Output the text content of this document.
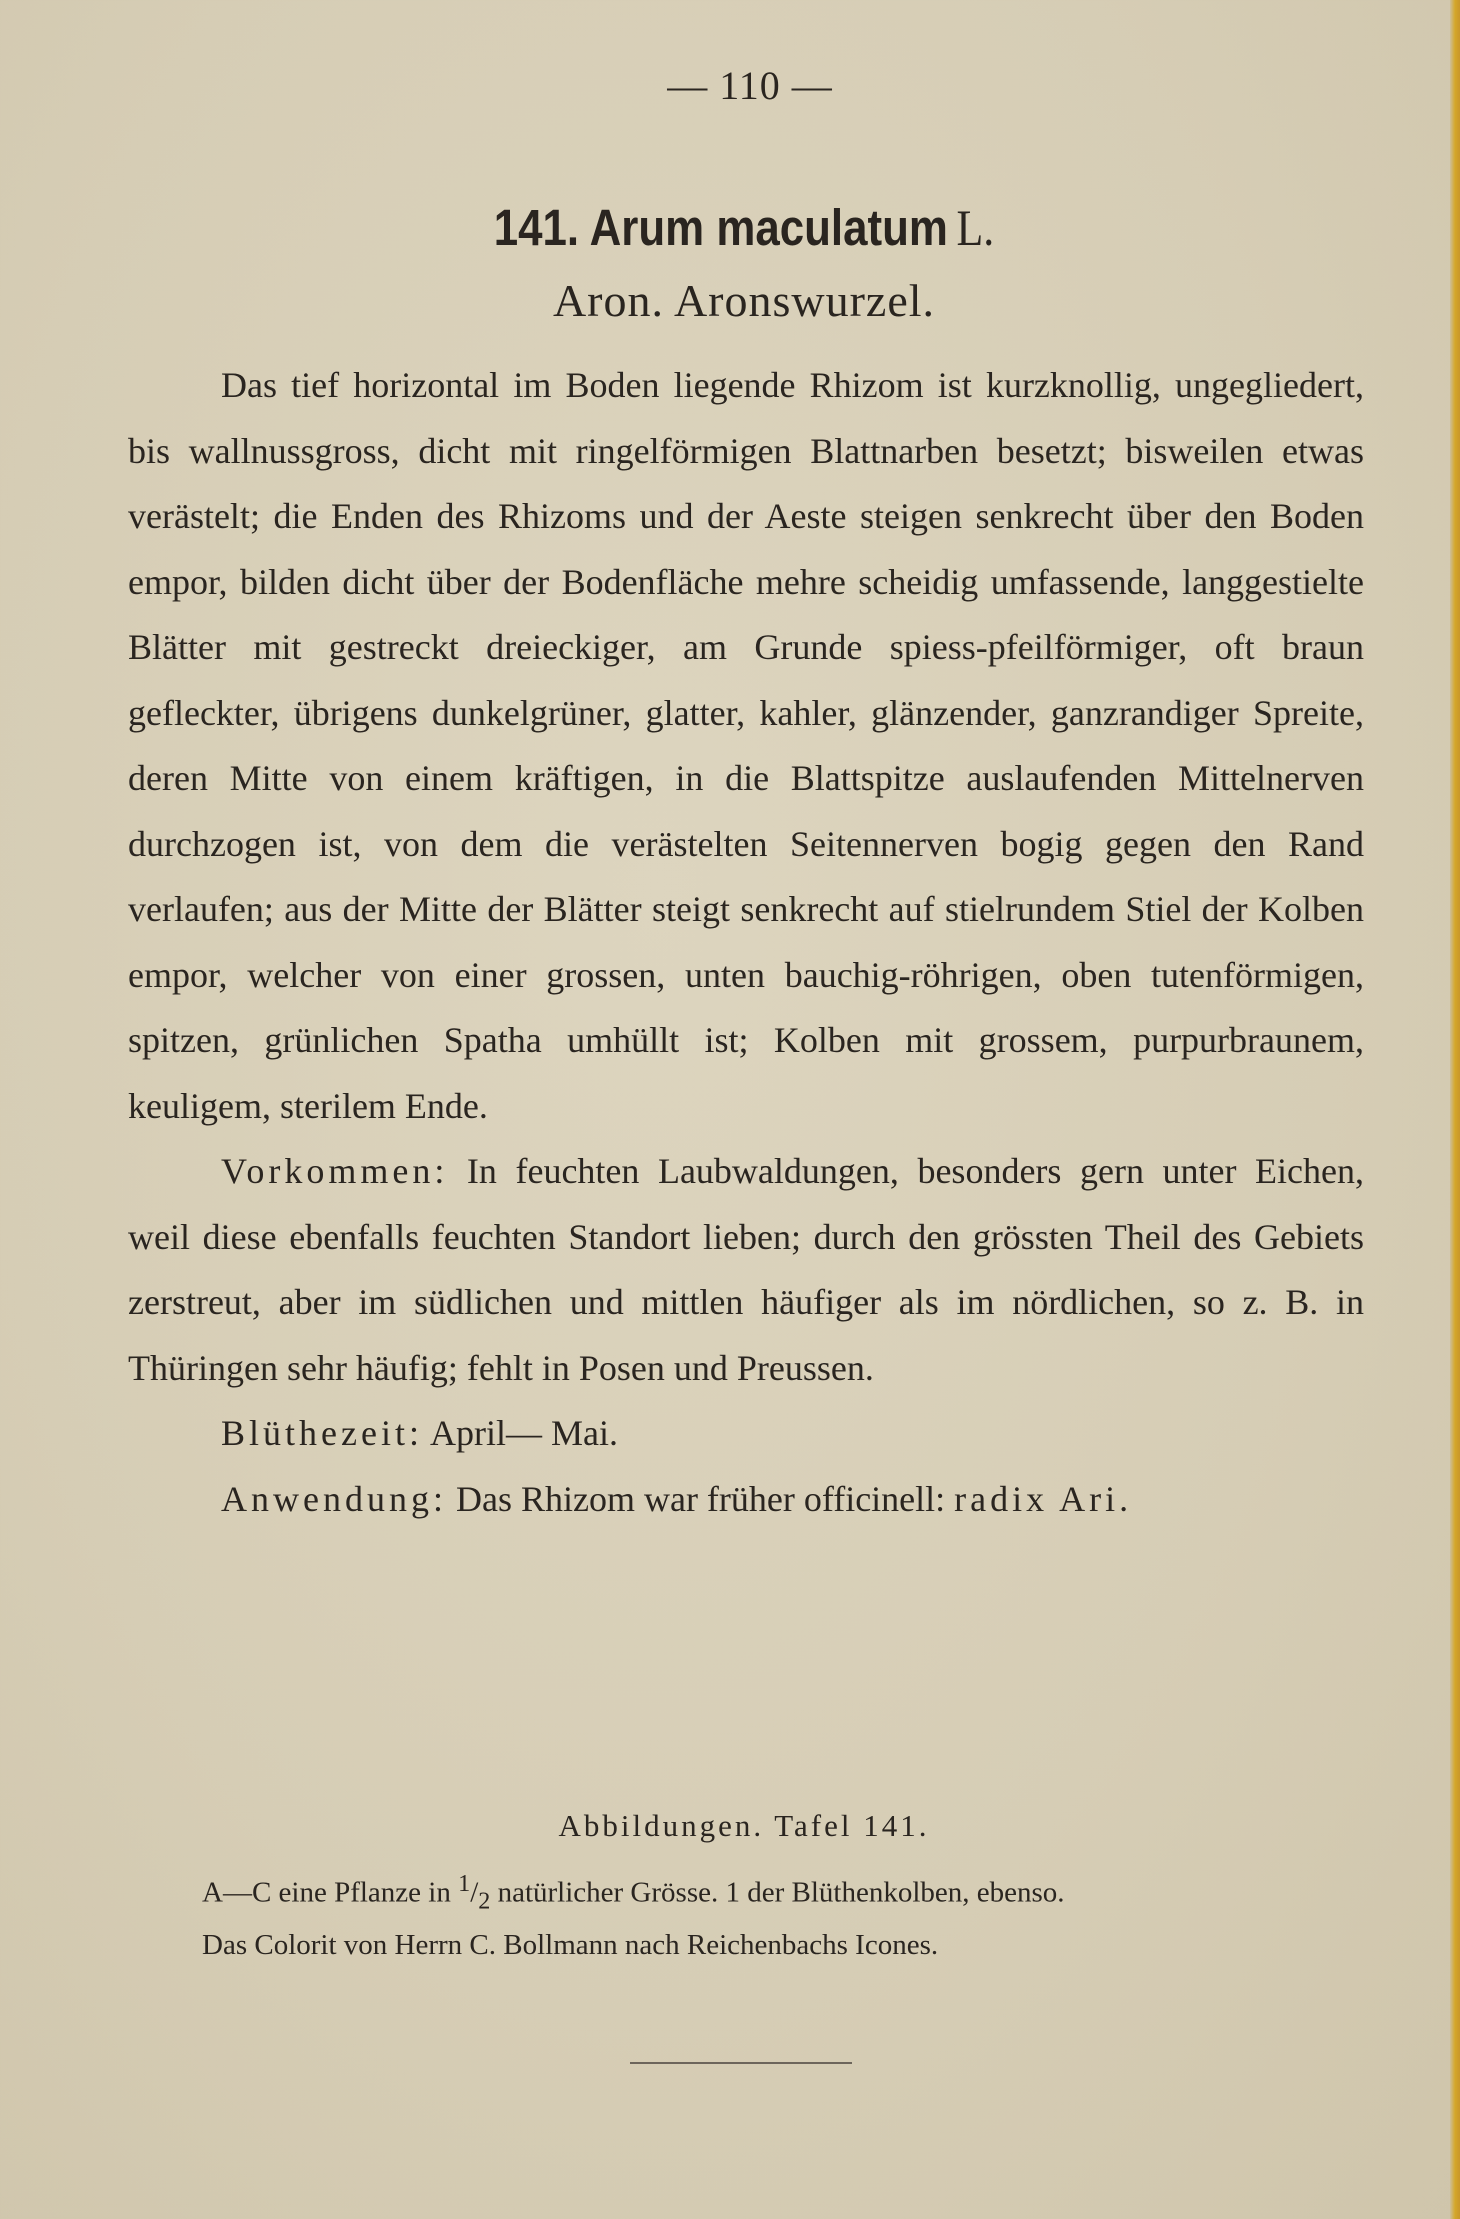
— 110 —
141. Arum maculatum L.
Aron. Aronswurzel.

Das tief horizontal im Boden liegende Rhizom ist kurzknollig, ungegliedert, bis wallnussgross, dicht mit ringelförmigen Blattnarben besetzt; bisweilen etwas verästelt; die Enden des Rhizoms und der Aeste steigen senkrecht über den Boden empor, bilden dicht über der Bodenfläche mehre scheidig umfassende, langgestielte Blätter mit gestreckt dreieckiger, am Grunde spiess-pfeilförmiger, oft braun gefleckter, übrigens dunkelgrüner, glatter, kahler, glänzender, ganzrandiger Spreite, deren Mitte von einem kräftigen, in die Blattspitze auslaufenden Mittelnerven durchzogen ist, von dem die verästelten Seitennerven bogig gegen den Rand verlaufen; aus der Mitte der Blätter steigt senkrecht auf stielrundem Stiel der Kolben empor, welcher von einer grossen, unten bauchig-röhrigen, oben tutenförmigen, spitzen, grünlichen Spatha umhüllt ist; Kolben mit grossem, purpurbraunem, keuligem, sterilem Ende.

Vorkommen: In feuchten Laubwaldungen, besonders gern unter Eichen, weil diese ebenfalls feuchten Standort lieben; durch den grössten Theil des Gebiets zerstreut, aber im südlichen und mittlen häufiger als im nördlichen, so z. B. in Thüringen sehr häufig; fehlt in Posen und Preussen.

Blüthezeit: April— Mai.

Anwendung: Das Rhizom war früher officinell: radix Ari.

Abbildungen. Tafel 141.

A—C eine Pflanze in $^1/_2$ natürlicher Grösse. 1 der Blüthenkolben, ebenso.

Das Colorit von Herrn C. Bollmann nach Reichenbachs Icones.
